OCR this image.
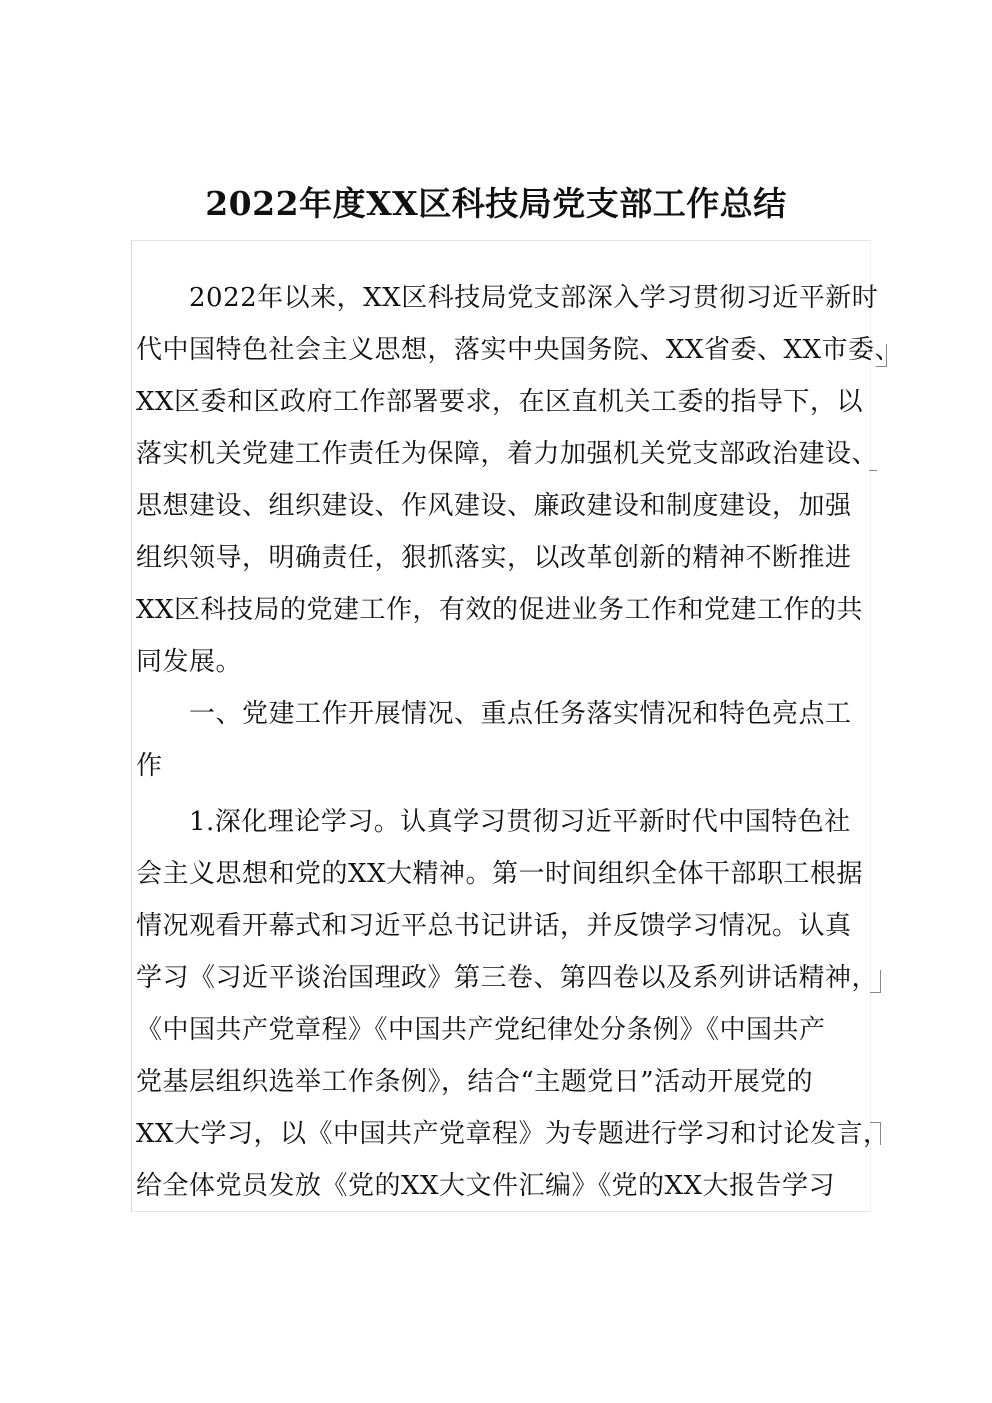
2022年度XX区科技局党支部工作总结
　　2022年以来，XX区科技局党支部深入学习贯彻习近平新时
代中国特色社会主义思想，落实中央国务院、XX省委、XX市委、
XX区委和区政府工作部署要求，在区直机关工委的指导下，以
落实机关党建工作责任为保障，着力加强机关党支部政治建设、
思想建设、组织建设、作风建设、廉政建设和制度建设，加强
组织领导，明确责任，狠抓落实，以改革创新的精神不断推进
XX区科技局的党建工作，有效的促进业务工作和党建工作的共
同发展。
　　一、党建工作开展情况、重点任务落实情况和特色亮点工
作
　　1.深化理论学习。认真学习贯彻习近平新时代中国特色社
会主义思想和党的XX大精神。第一时间组织全体干部职工根据
情况观看开幕式和习近平总书记讲话，并反馈学习情况。认真
学习《习近平谈治国理政》第三卷、第四卷以及系列讲话精神，
《中国共产党章程》《中国共产党纪律处分条例》《中国共产
党基层组织选举工作条例》，结合“主题党日”活动开展党的
XX大学习，以《中国共产党章程》为专题进行学习和讨论发言，
给全体党员发放《党的XX大文件汇编》《党的XX大报告学习
